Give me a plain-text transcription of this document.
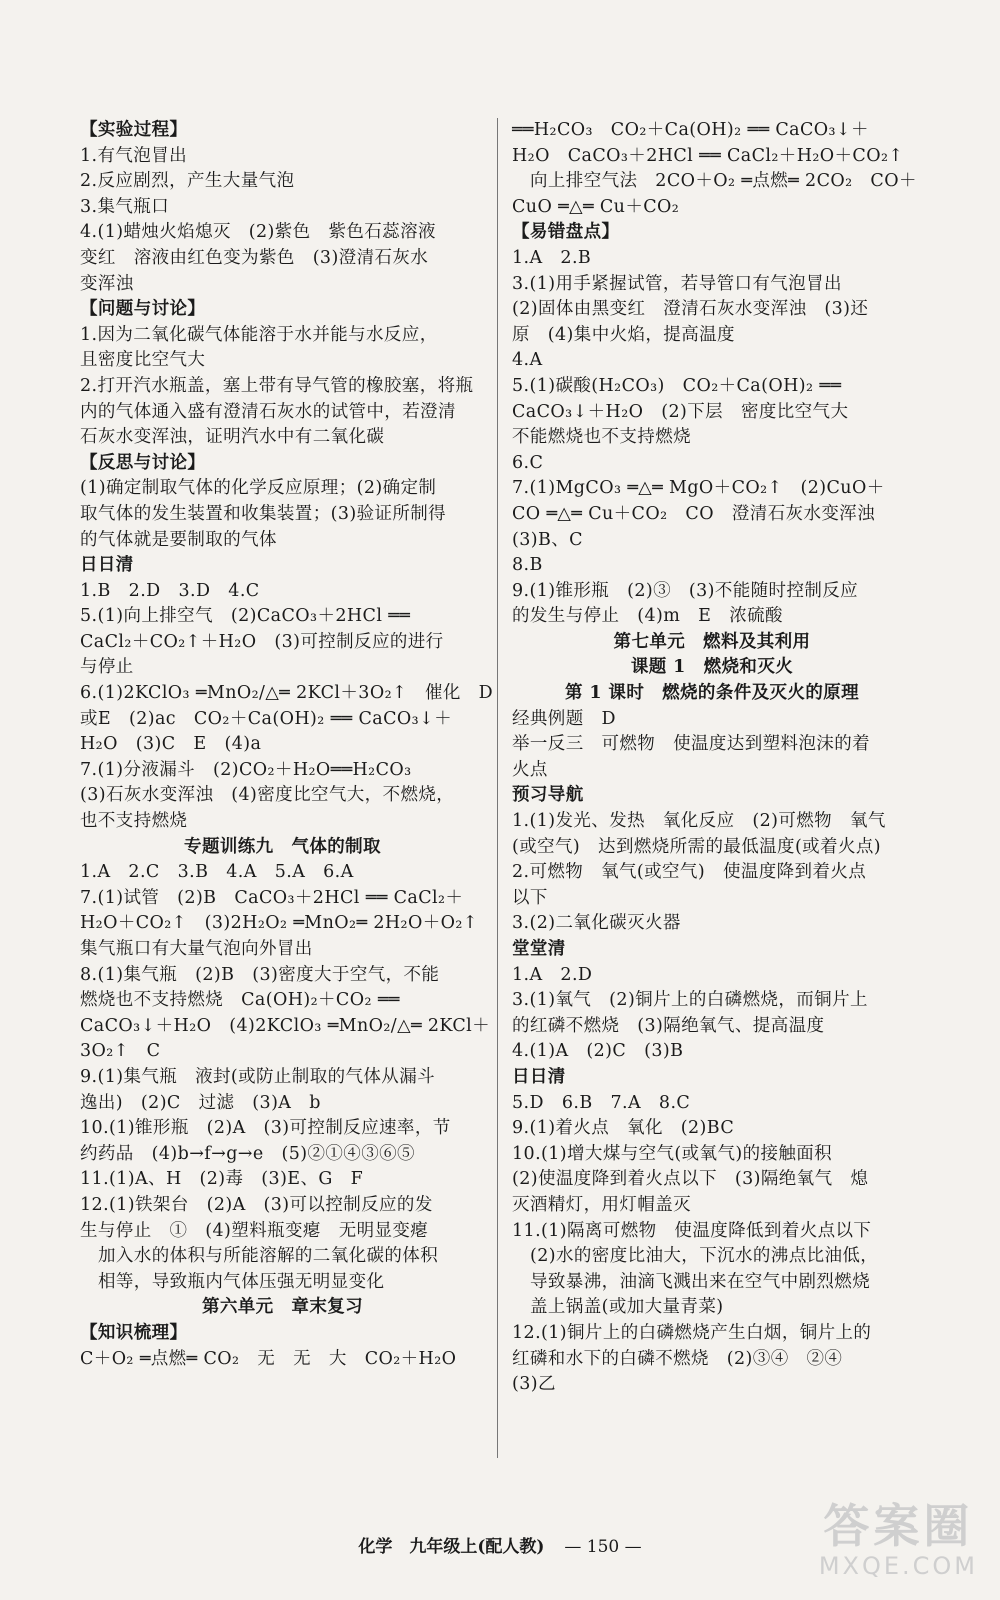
【实验过程】
1.有气泡冒出
2.反应剧烈，产生大量气泡
3.集气瓶口
4.(1)蜡烛火焰熄灭　(2)紫色　紫色石蕊溶液
变红　溶液由红色变为紫色　(3)澄清石灰水
变浑浊
【问题与讨论】
1.因为二氧化碳气体能溶于水并能与水反应，
且密度比空气大
2.打开汽水瓶盖，塞上带有导气管的橡胶塞，将瓶
内的气体通入盛有澄清石灰水的试管中，若澄清
石灰水变浑浊，证明汽水中有二氧化碳
【反思与讨论】
(1)确定制取气体的化学反应原理；(2)确定制
取气体的发生装置和收集装置；(3)验证所制得
的气体就是要制取的气体
日日清
1.B　2.D　3.D　4.C
5.(1)向上排空气　(2)CaCO₃＋2HCl ══
CaCl₂＋CO₂↑＋H₂O　(3)可控制反应的进行
与停止
6.(1)2KClO₃ ═MnO₂/△═ 2KCl＋3O₂↑　催化　D
或E　(2)ac　CO₂＋Ca(OH)₂ ══ CaCO₃↓＋
H₂O　(3)C　E　(4)a
7.(1)分液漏斗　(2)CO₂＋H₂O══H₂CO₃
(3)石灰水变浑浊　(4)密度比空气大，不燃烧，
也不支持燃烧
专题训练九　气体的制取
1.A　2.C　3.B　4.A　5.A　6.A
7.(1)试管　(2)B　CaCO₃＋2HCl ══ CaCl₂＋
H₂O＋CO₂↑　(3)2H₂O₂ ═MnO₂═ 2H₂O＋O₂↑
集气瓶口有大量气泡向外冒出
8.(1)集气瓶　(2)B　(3)密度大于空气，不能
燃烧也不支持燃烧　Ca(OH)₂＋CO₂ ══
CaCO₃↓＋H₂O　(4)2KClO₃ ═MnO₂/△═ 2KCl＋
3O₂↑　C
9.(1)集气瓶　液封(或防止制取的气体从漏斗
逸出)　(2)C　过滤　(3)A　b
10.(1)锥形瓶　(2)A　(3)可控制反应速率，节
约药品　(4)b→f→g→e　(5)②①④③⑥⑤
11.(1)A、H　(2)毒　(3)E、G　F
12.(1)铁架台　(2)A　(3)可以控制反应的发
生与停止　①　(4)塑料瓶变瘪　无明显变瘪
加入水的体积与所能溶解的二氧化碳的体积
相等，导致瓶内气体压强无明显变化
第六单元　章末复习
【知识梳理】
C＋O₂ ═点燃═ CO₂　无　无　大　CO₂＋H₂O
══H₂CO₃　CO₂＋Ca(OH)₂ ══ CaCO₃↓＋
H₂O　CaCO₃＋2HCl ══ CaCl₂＋H₂O＋CO₂↑
向上排空气法　2CO＋O₂ ═点燃═ 2CO₂　CO＋
CuO ═△═ Cu＋CO₂
【易错盘点】
1.A　2.B
3.(1)用手紧握试管，若导管口有气泡冒出
(2)固体由黑变红　澄清石灰水变浑浊　(3)还
原　(4)集中火焰，提高温度
4.A
5.(1)碳酸(H₂CO₃)　CO₂＋Ca(OH)₂ ══
CaCO₃↓＋H₂O　(2)下层　密度比空气大
不能燃烧也不支持燃烧
6.C
7.(1)MgCO₃ ═△═ MgO＋CO₂↑　(2)CuO＋
CO ═△═ Cu＋CO₂　CO　澄清石灰水变浑浊
(3)B、C
8.B
9.(1)锥形瓶　(2)③　(3)不能随时控制反应
的发生与停止　(4)m　E　浓硫酸
第七单元　燃料及其利用
课题 1　燃烧和灭火
第 1 课时　燃烧的条件及灭火的原理
经典例题　D
举一反三　可燃物　使温度达到塑料泡沫的着
火点
预习导航
1.(1)发光、发热　氧化反应　(2)可燃物　氧气
(或空气)　达到燃烧所需的最低温度(或着火点)
2.可燃物　氧气(或空气)　使温度降到着火点
以下
3.(2)二氧化碳灭火器
堂堂清
1.A　2.D
3.(1)氧气　(2)铜片上的白磷燃烧，而铜片上
的红磷不燃烧　(3)隔绝氧气、提高温度
4.(1)A　(2)C　(3)B
日日清
5.D　6.B　7.A　8.C
9.(1)着火点　氧化　(2)BC
10.(1)增大煤与空气(或氧气)的接触面积
(2)使温度降到着火点以下　(3)隔绝氧气　熄
灭酒精灯，用灯帽盖灭
11.(1)隔离可燃物　使温度降低到着火点以下
(2)水的密度比油大，下沉水的沸点比油低，
导致暴沸，油滴飞溅出来在空气中剧烈燃烧
盖上锅盖(或加大量青菜)
12.(1)铜片上的白磷燃烧产生白烟，铜片上的
红磷和水下的白磷不燃烧　(2)③④　②④
(3)乙
化学　九年级上(配人教) — 150 —	答案圈
MXQE.COM
